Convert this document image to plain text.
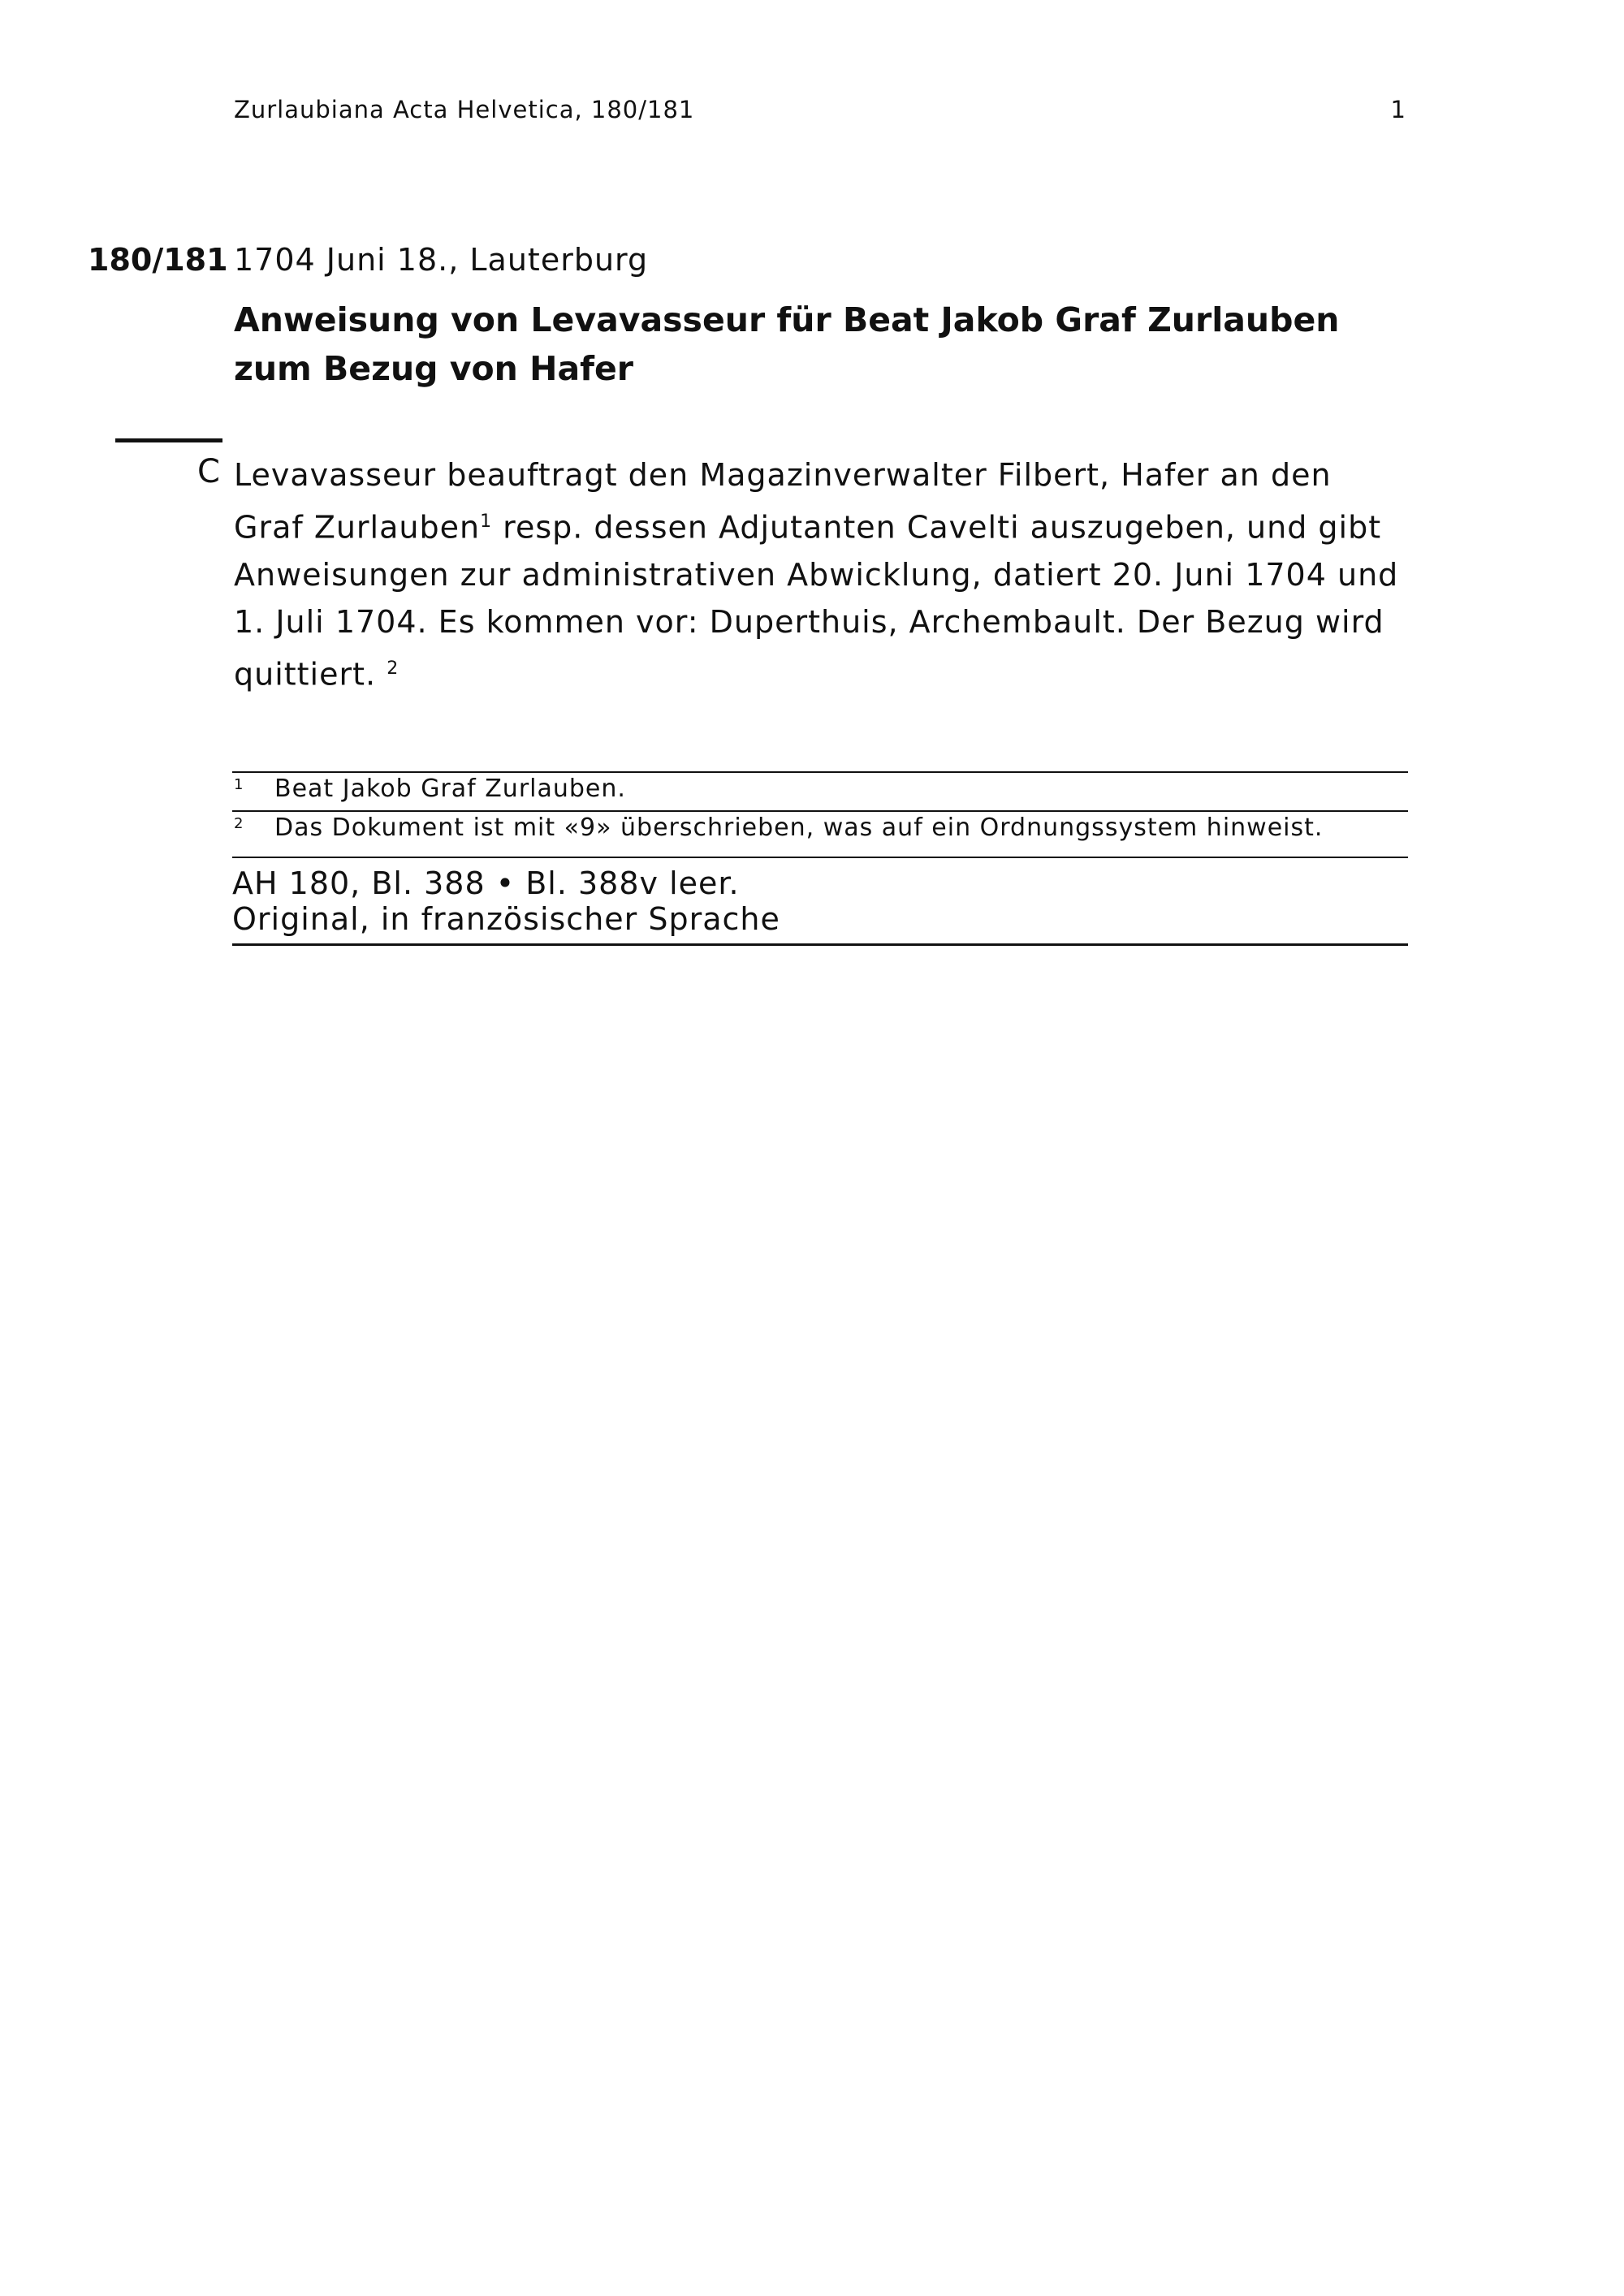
Zurlaubiana Acta Helvetica, 180/181	1
180/181 1704 Juni 18., Lauterburg
Anweisung von Levavasseur für Beat Jakob Graf Zurlauben zum Bezug von Hafer
C Levavasseur beauftragt den Magazinverwalter Filbert, Hafer an den Graf Zurlauben$^1$ resp. dessen Adjutanten Cavelti auszugeben, und gibt Anweisungen zur administrativen Abwicklung, datiert 20. Juni 1704 und 1. Juli 1704. Es kommen vor: Duperthuis, Archembault. Der Bezug wird quittiert. $^2$

1	Beat Jakob Graf Zurlauben.
2	Das Dokument ist mit «9» überschrieben, was auf ein Ordnungssystem hinweist.
AH 180, Bl. 388 • Bl. 388v leer.
Original, in französischer Sprache
